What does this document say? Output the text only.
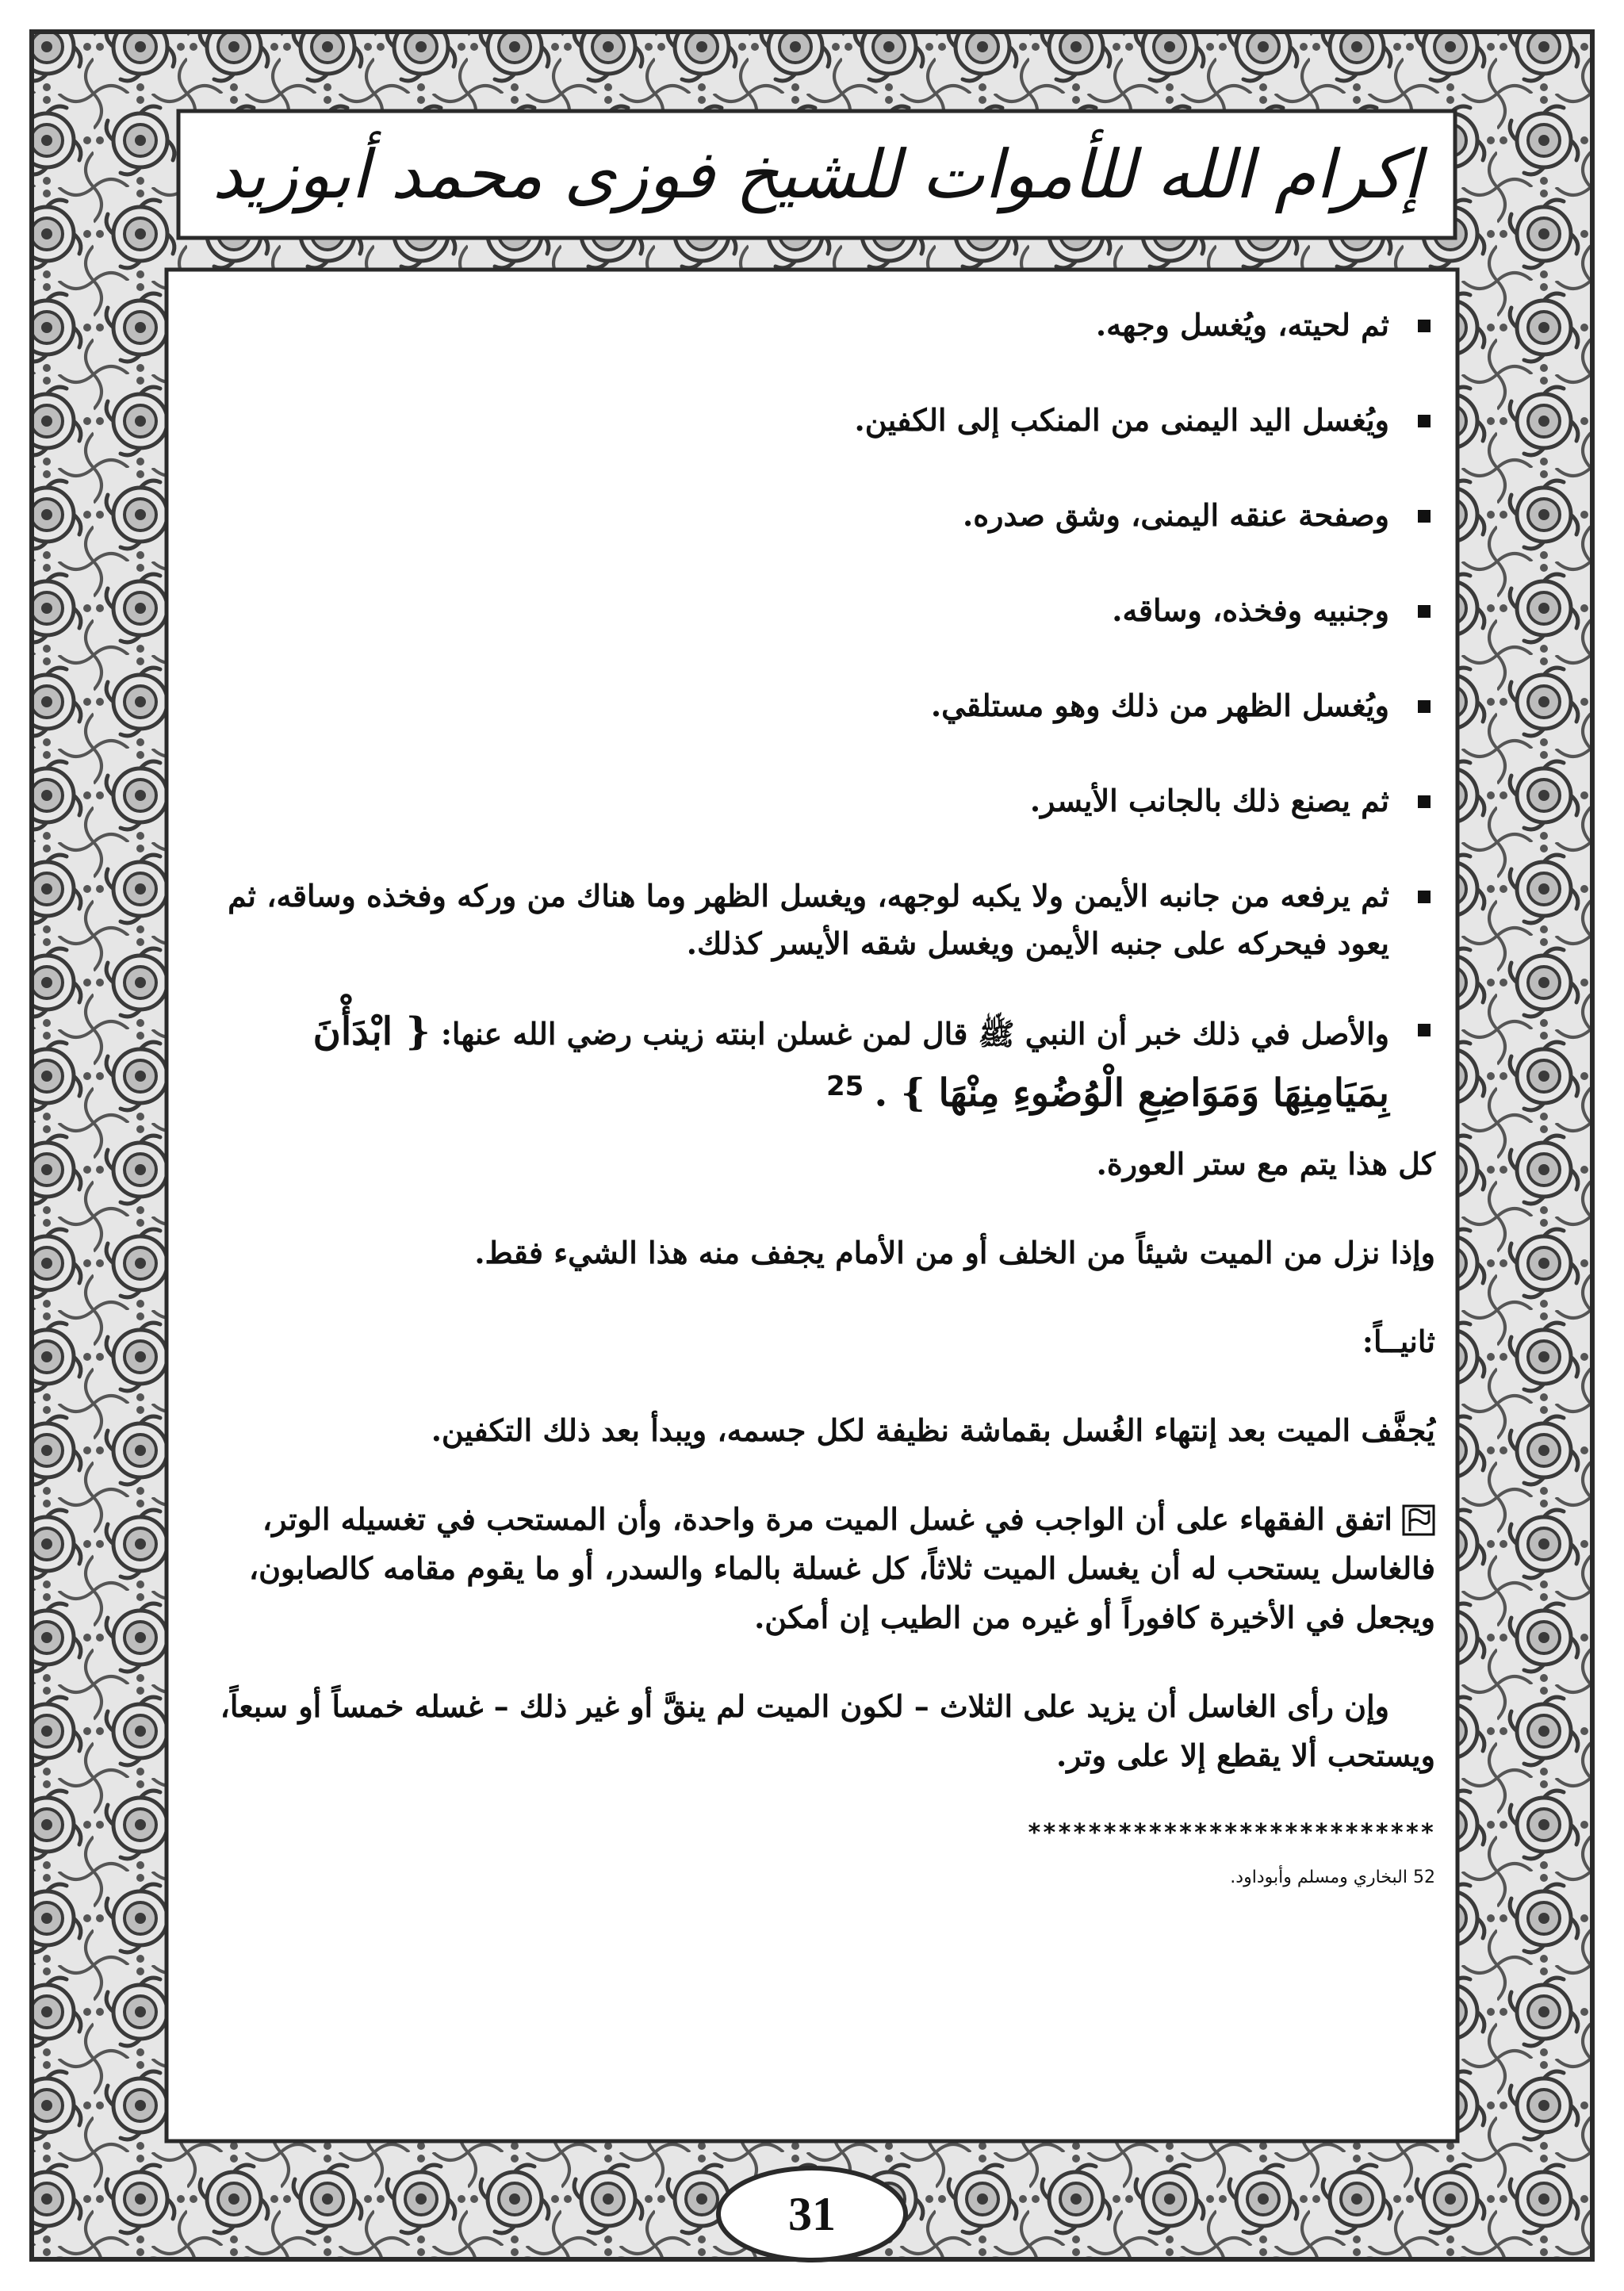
إكرام الله للأموات للشيخ فوزى محمد أبوزيد
ثم لحيته، ويُغسل وجهه.
ويُغسل اليد اليمنى من المنكب إلى الكفين.
وصفحة عنقه اليمنى، وشق صدره.
وجنبيه وفخذه، وساقه.
ويُغسل الظهر من ذلك وهو مستلقي.
ثم يصنع ذلك بالجانب الأيسر.
ثم يرفعه من جانبه الأيمن ولا يكبه لوجهه، ويغسل الظهر وما هناك من وركه وفخذه وساقه، ثم يعود فيحركه على جنبه الأيمن ويغسل شقه الأيسر كذلك.
والأصل في ذلك خبر أن النبي ﷺ قال لمن غسلن ابنته زينب رضي الله عنها: { ابْدَأْنَ
بِمَيَامِنِهَا وَمَوَاضِعِ الْوُضُوءِ مِنْهَا } . 25

كل هذا يتم مع ستر العورة.

وإذا نزل من الميت شيئاً من الخلف أو من الأمام يجفف منه هذا الشيء فقط.

ثانيــاً:

يُجفَّف الميت بعد إنتهاء الغُسل بقماشة نظيفة لكل جسمه، ويبدأ بعد ذلك التكفين.

اتفق الفقهاء على أن الواجب في غسل الميت مرة واحدة، وأن المستحب في تغسيله الوتر، فالغاسل يستحب له أن يغسل الميت ثلاثاً، كل غسلة بالماء والسدر، أو ما يقوم مقامه كالصابون، ويجعل في الأخيرة كافوراً أو غيره من الطيب إن أمكن.

وإن رأى الغاسل أن يزيد على الثلاث – لكون الميت لم ينقَّ أو غير ذلك – غسله خمساً أو سبعاً، ويستحب ألا يقطع إلا على وتر.

***************************
52 البخاري ومسلم وأبوداود.
31
